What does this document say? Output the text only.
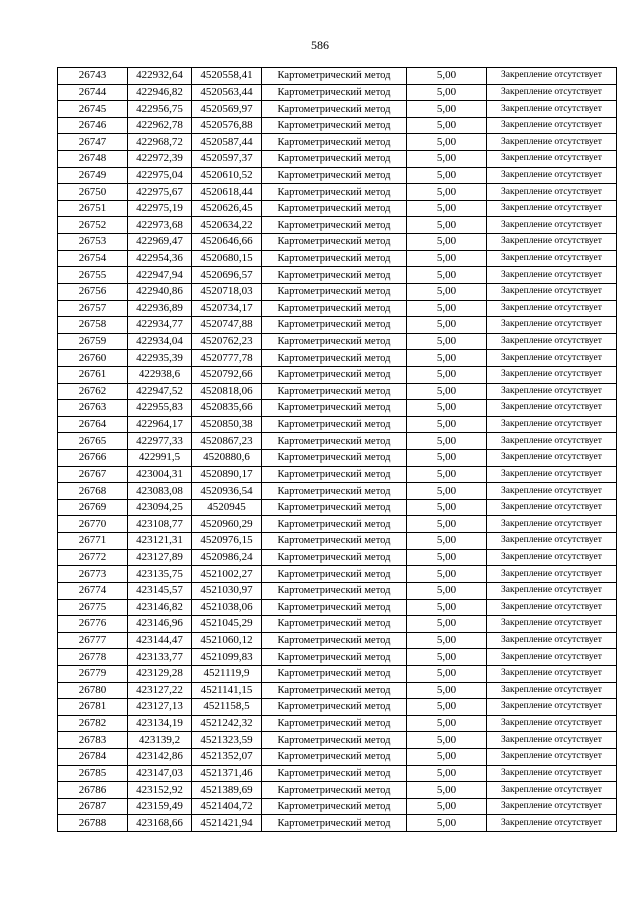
586
26743	422932,64	4520558,41	Картометрический метод	5,00	Закрепление отсутствует
26744	422946,82	4520563,44	Картометрический метод	5,00	Закрепление отсутствует
26745	422956,75	4520569,97	Картометрический метод	5,00	Закрепление отсутствует
26746	422962,78	4520576,88	Картометрический метод	5,00	Закрепление отсутствует
26747	422968,72	4520587,44	Картометрический метод	5,00	Закрепление отсутствует
26748	422972,39	4520597,37	Картометрический метод	5,00	Закрепление отсутствует
26749	422975,04	4520610,52	Картометрический метод	5,00	Закрепление отсутствует
26750	422975,67	4520618,44	Картометрический метод	5,00	Закрепление отсутствует
26751	422975,19	4520626,45	Картометрический метод	5,00	Закрепление отсутствует
26752	422973,68	4520634,22	Картометрический метод	5,00	Закрепление отсутствует
26753	422969,47	4520646,66	Картометрический метод	5,00	Закрепление отсутствует
26754	422954,36	4520680,15	Картометрический метод	5,00	Закрепление отсутствует
26755	422947,94	4520696,57	Картометрический метод	5,00	Закрепление отсутствует
26756	422940,86	4520718,03	Картометрический метод	5,00	Закрепление отсутствует
26757	422936,89	4520734,17	Картометрический метод	5,00	Закрепление отсутствует
26758	422934,77	4520747,88	Картометрический метод	5,00	Закрепление отсутствует
26759	422934,04	4520762,23	Картометрический метод	5,00	Закрепление отсутствует
26760	422935,39	4520777,78	Картометрический метод	5,00	Закрепление отсутствует
26761	422938,6	4520792,66	Картометрический метод	5,00	Закрепление отсутствует
26762	422947,52	4520818,06	Картометрический метод	5,00	Закрепление отсутствует
26763	422955,83	4520835,66	Картометрический метод	5,00	Закрепление отсутствует
26764	422964,17	4520850,38	Картометрический метод	5,00	Закрепление отсутствует
26765	422977,33	4520867,23	Картометрический метод	5,00	Закрепление отсутствует
26766	422991,5	4520880,6	Картометрический метод	5,00	Закрепление отсутствует
26767	423004,31	4520890,17	Картометрический метод	5,00	Закрепление отсутствует
26768	423083,08	4520936,54	Картометрический метод	5,00	Закрепление отсутствует
26769	423094,25	4520945	Картометрический метод	5,00	Закрепление отсутствует
26770	423108,77	4520960,29	Картометрический метод	5,00	Закрепление отсутствует
26771	423121,31	4520976,15	Картометрический метод	5,00	Закрепление отсутствует
26772	423127,89	4520986,24	Картометрический метод	5,00	Закрепление отсутствует
26773	423135,75	4521002,27	Картометрический метод	5,00	Закрепление отсутствует
26774	423145,57	4521030,97	Картометрический метод	5,00	Закрепление отсутствует
26775	423146,82	4521038,06	Картометрический метод	5,00	Закрепление отсутствует
26776	423146,96	4521045,29	Картометрический метод	5,00	Закрепление отсутствует
26777	423144,47	4521060,12	Картометрический метод	5,00	Закрепление отсутствует
26778	423133,77	4521099,83	Картометрический метод	5,00	Закрепление отсутствует
26779	423129,28	4521119,9	Картометрический метод	5,00	Закрепление отсутствует
26780	423127,22	4521141,15	Картометрический метод	5,00	Закрепление отсутствует
26781	423127,13	4521158,5	Картометрический метод	5,00	Закрепление отсутствует
26782	423134,19	4521242,32	Картометрический метод	5,00	Закрепление отсутствует
26783	423139,2	4521323,59	Картометрический метод	5,00	Закрепление отсутствует
26784	423142,86	4521352,07	Картометрический метод	5,00	Закрепление отсутствует
26785	423147,03	4521371,46	Картометрический метод	5,00	Закрепление отсутствует
26786	423152,92	4521389,69	Картометрический метод	5,00	Закрепление отсутствует
26787	423159,49	4521404,72	Картометрический метод	5,00	Закрепление отсутствует
26788	423168,66	4521421,94	Картометрический метод	5,00	Закрепление отсутствует
